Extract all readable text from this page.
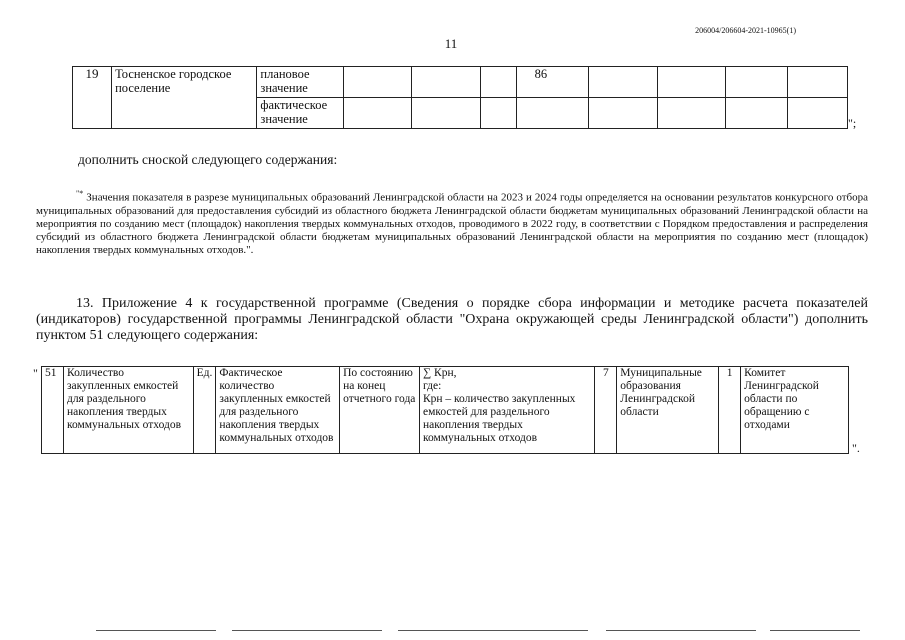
206004/206604-2021-10965(1)
11
19	Тосненское городское поселение	плановое значение				86				
		фактическое значение									";
дополнить сноской следующего содержания:
"* Значения показателя в разрезе муниципальных образований Ленинградской области на 2023 и 2024 годы определяется на основании результатов конкурсного отбора муниципальных образований для предоставления субсидий из областного бюджета Ленинградской области бюджетам муниципальных образований Ленинградской области на мероприятия по созданию мест (площадок) накопления твердых коммунальных отходов, проводимого в 2022 году, в соответствии с Порядком предоставления и распределения субсидий из областного бюджета Ленинградской области бюджетам муниципальных образований Ленинградской области на мероприятия по созданию мест (площадок) накопления твердых коммунальных отходов.".
13. Приложение 4 к государственной программе (Сведения о порядке сбора информации и методике расчета показателей (индикаторов) государственной программы Ленинградской области "Охрана окружающей среды Ленинградской области") дополнить пунктом 51 следующего содержания:
" 51	Количество закупленных емкостей для раздельного накопления твердых коммунальных отходов	Ед.	Фактическое количество закупленных емкостей для раздельного накопления твердых коммунальных отходов	По состоянию на конец отчетного года	∑ Крн,
где:
Крн – количество закупленных емкостей для раздельного накопления твердых коммунальных отходов	7	Муниципальные образования Ленинградской области	1	Комитет Ленинградской области по обращению с отходами
".
